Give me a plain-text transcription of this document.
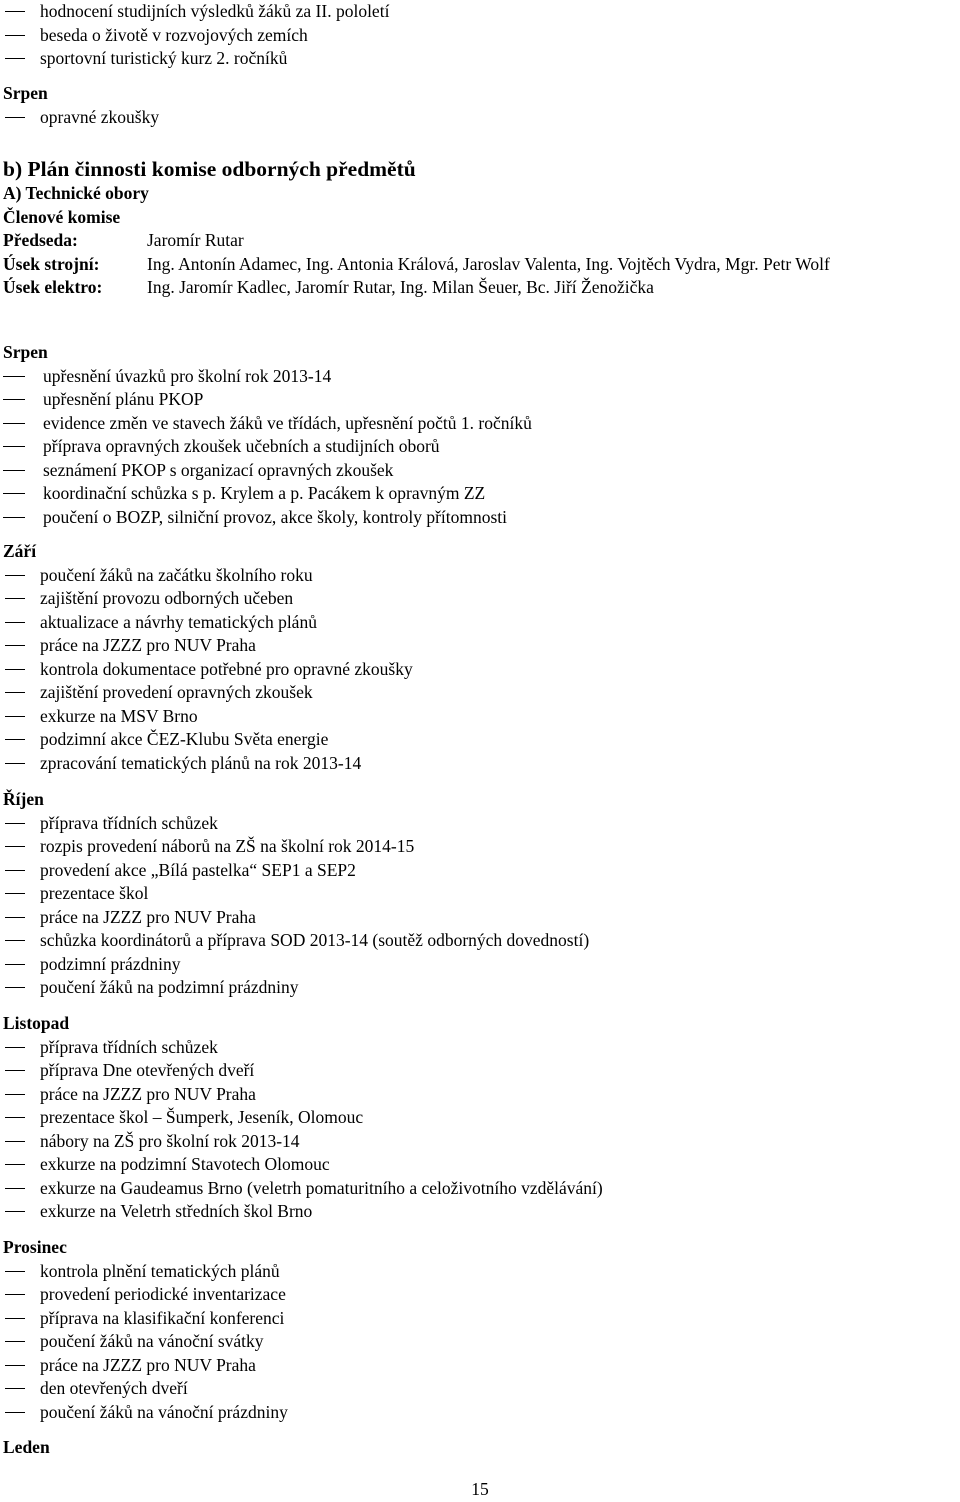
hodnocení studijních výsledků žáků za II. pololetí
beseda o životě v rozvojových zemích
sportovní turistický kurz 2. ročníků
Srpen
opravné zkoušky
b) Plán činnosti komise odborných předmětů
A) Technické obory
Členové komise
Předseda:	Jaromír Rutar
Úsek strojní:	Ing. Antonín Adamec, Ing. Antonia Králová, Jaroslav Valenta, Ing. Vojtěch Vydra, Mgr. Petr Wolf
Úsek elektro:	Ing. Jaromír Kadlec, Jaromír Rutar, Ing. Milan Šeuer, Bc. Jiří Ženožička
Srpen
upřesnění úvazků pro školní rok 2013-14
upřesnění plánu PKOP
evidence změn ve stavech žáků ve třídách, upřesnění počtů 1. ročníků
příprava opravných zkoušek učebních a studijních oborů
seznámení PKOP s organizací opravných zkoušek
koordinační schůzka s p. Krylem a p. Pacákem k opravným ZZ
poučení o BOZP, silniční provoz, akce školy, kontroly přítomnosti
Září
poučení žáků na začátku školního roku
zajištění provozu odborných učeben
aktualizace a návrhy tematických plánů
práce na JZZZ pro NUV Praha
kontrola dokumentace potřebné pro opravné zkoušky
zajištění provedení opravných zkoušek
exkurze na MSV Brno
podzimní akce ČEZ-Klubu Světa energie
zpracování tematických plánů na rok 2013-14
Říjen
příprava třídních schůzek
rozpis provedení náborů na ZŠ na školní rok 2014-15
provedení akce „Bílá pastelka“ SEP1 a SEP2
prezentace škol
práce na JZZZ pro NUV Praha
schůzka koordinátorů a příprava SOD 2013-14 (soutěž odborných dovedností)
podzimní prázdniny
poučení žáků na podzimní prázdniny
Listopad
příprava třídních schůzek
příprava Dne otevřených dveří
práce na JZZZ pro NUV Praha
prezentace škol – Šumperk, Jeseník, Olomouc
nábory na ZŠ pro školní rok 2013-14
exkurze na podzimní Stavotech Olomouc
exkurze na Gaudeamus Brno (veletrh pomaturitního a celoživotního vzdělávání)
exkurze na Veletrh středních škol Brno
Prosinec
kontrola plnění tematických plánů
provedení periodické inventarizace
příprava na klasifikační konferenci
poučení žáků na vánoční svátky
práce na JZZZ pro NUV Praha
den otevřených dveří
poučení žáků na vánoční prázdniny
Leden
15
